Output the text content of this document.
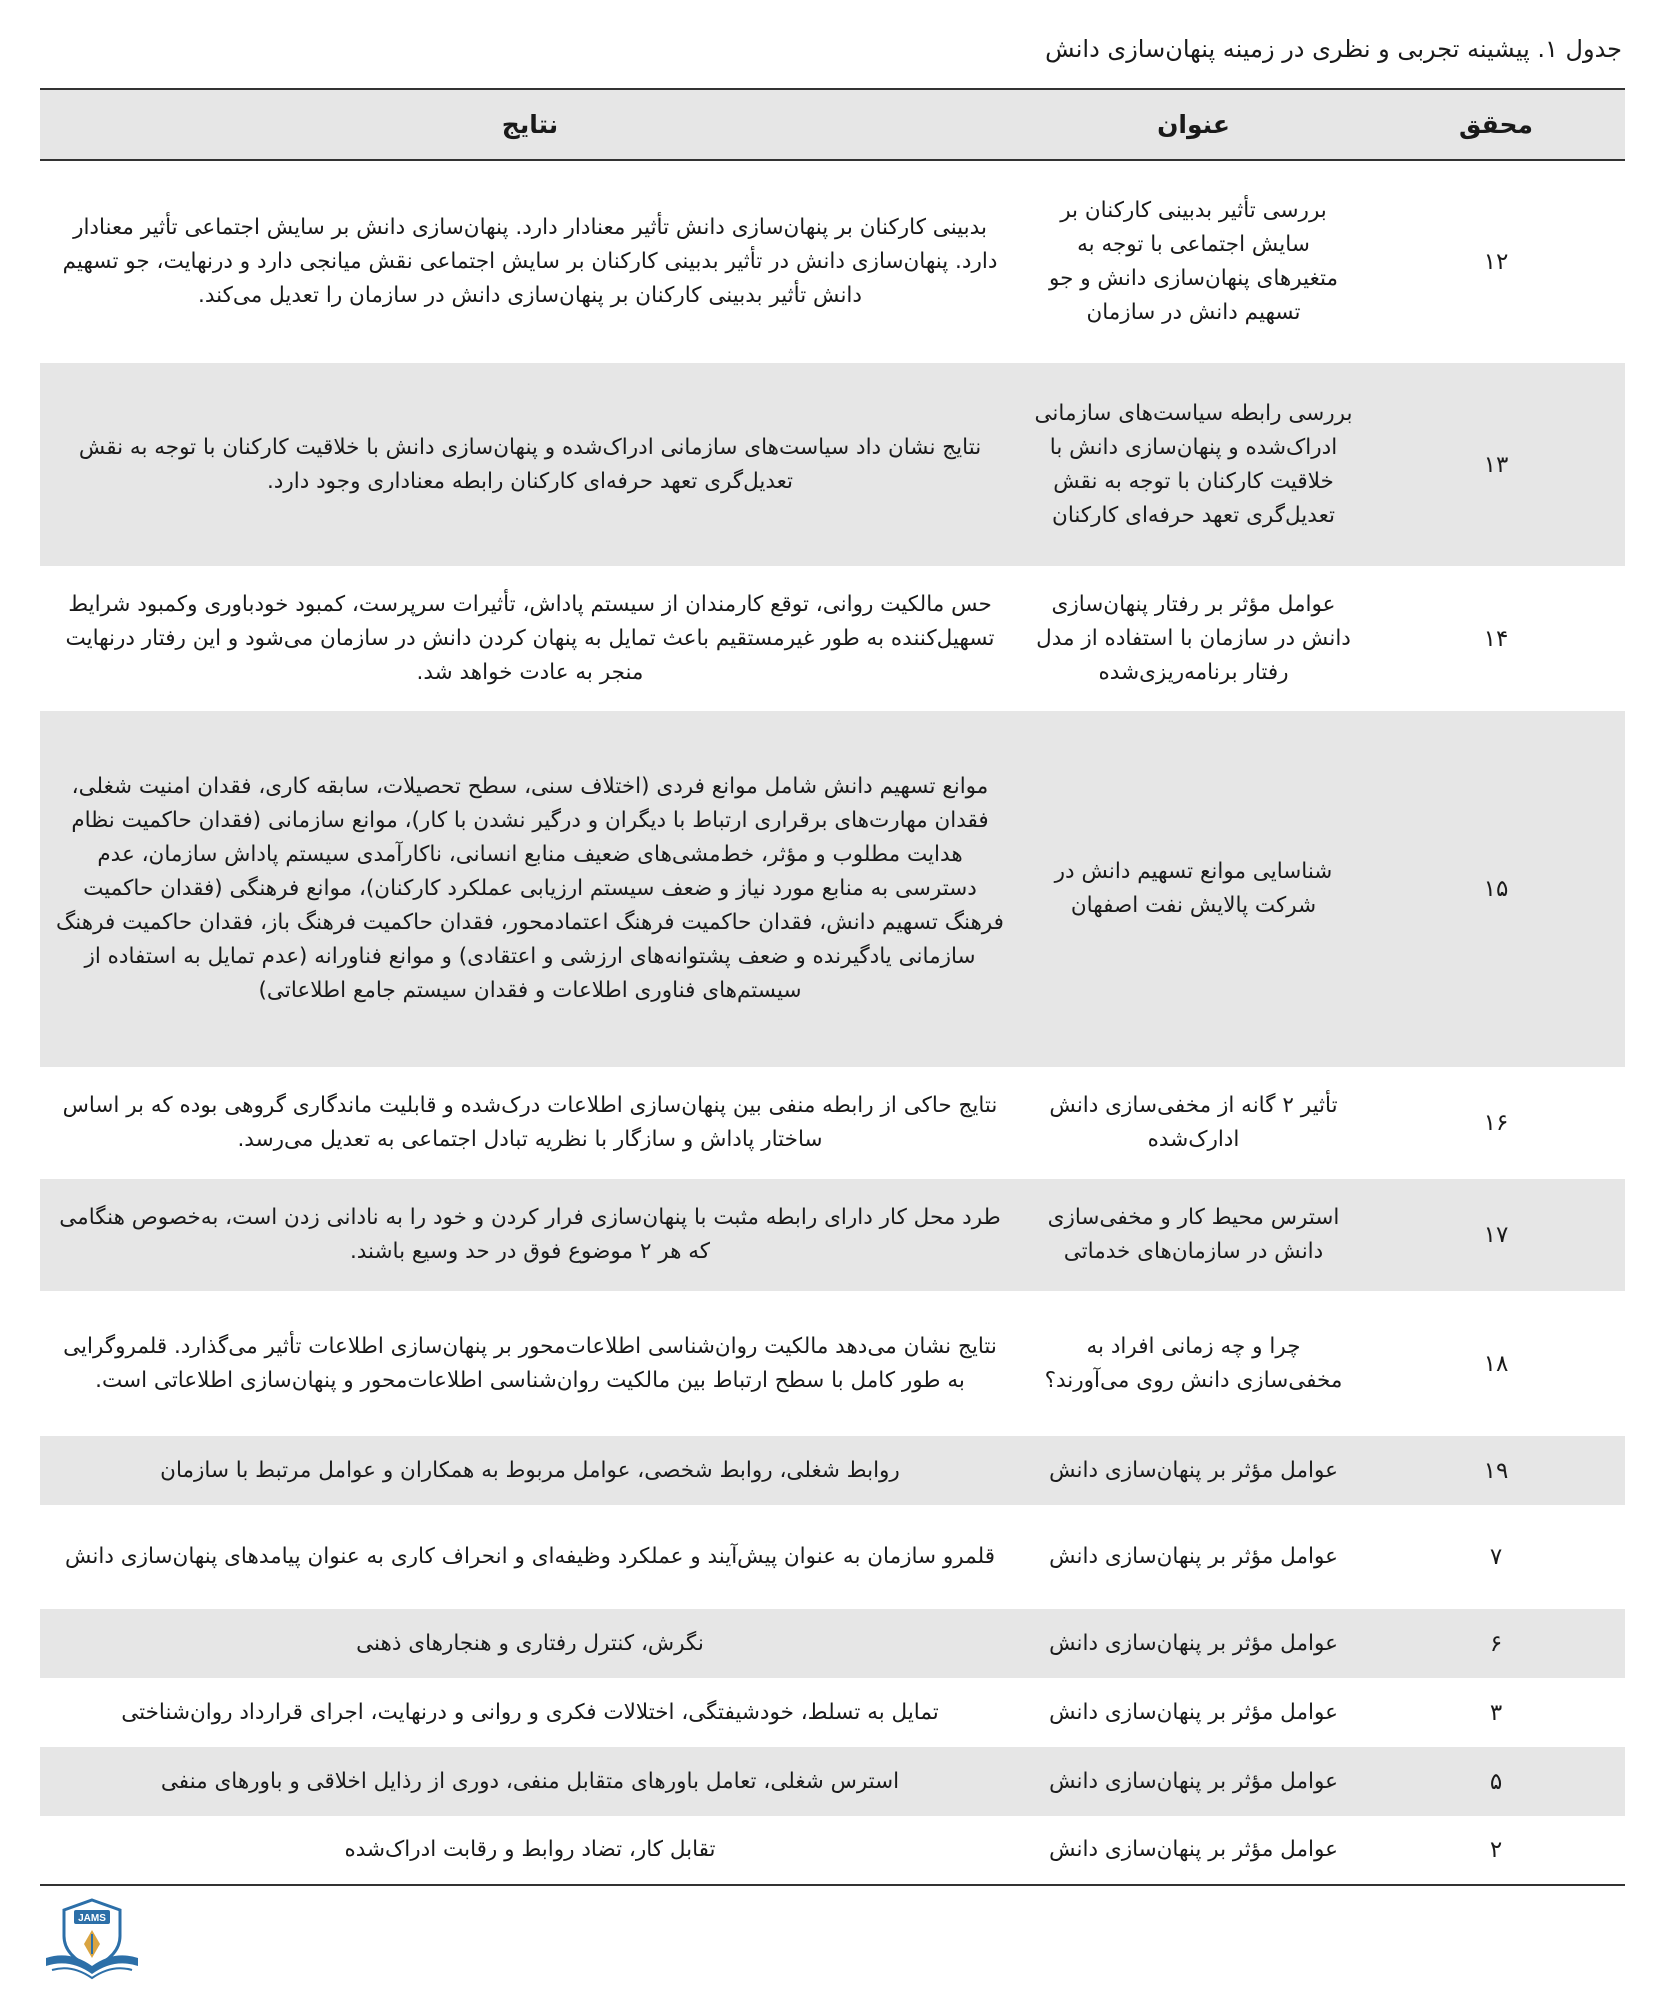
جدول ۱. پیشینه تجربی و نظری در زمینه پنهان‌سازی دانش
محقق	عنوان	نتایج
۱۲	بررسی تأثیر بدبینی کارکنان بر سایش اجتماعی با توجه به متغیرهای پنهان‌سازی دانش و جو تسهیم دانش در سازمان	بدبینی کارکنان بر پنهان‌سازی دانش تأثیر معنادار دارد. پنهان‌سازی دانش بر سایش اجتماعی تأثیر معنادار دارد. پنهان‌سازی دانش در تأثیر بدبینی کارکنان بر سایش اجتماعی نقش میانجی دارد و درنهایت، جو تسهیم دانش تأثیر بدبینی کارکنان بر پنهان‌سازی دانش در سازمان را تعدیل می‌کند.
۱۳	بررسی رابطه سیاست‌های سازمانی ادراک‌شده و پنهان‌سازی دانش با خلاقیت کارکنان با توجه به نقش تعدیل‌گری تعهد حرفه‌ای کارکنان	نتایج نشان داد سیاست‌های سازمانی ادراک‌شده و پنهان‌سازی دانش با خلاقیت کارکنان با توجه به نقش تعدیل‌گری تعهد حرفه‌ای کارکنان رابطه معناداری وجود دارد.
۱۴	عوامل مؤثر بر رفتار پنهان‌سازی دانش در سازمان با استفاده از مدل رفتار برنامه‌ریزی‌شده	حس مالکیت روانی، توقع کارمندان از سیستم پاداش، تأثیرات سرپرست، کمبود خودباوری وکمبود شرایط تسهیل‌کننده به طور غیرمستقیم باعث تمایل به پنهان کردن دانش در سازمان می‌شود و این رفتار درنهایت منجر به عادت خواهد شد.
۱۵	شناسایی موانع تسهیم دانش در شرکت پالایش نفت اصفهان	موانع تسهیم دانش شامل موانع فردی (اختلاف سنی، سطح تحصیلات، سابقه کاری، فقدان امنیت شغلی، فقدان مهارت‌های برقراری ارتباط با دیگران و درگیر نشدن با کار)، موانع سازمانی (فقدان حاکمیت نظام هدایت مطلوب و مؤثر، خط‌مشی‌های ضعیف منابع انسانی، ناکارآمدی سیستم پاداش سازمان، عدم دسترسی به منابع مورد نیاز و ضعف سیستم ارزیابی عملکرد کارکنان)، موانع فرهنگی (فقدان حاکمیت فرهنگ تسهیم دانش، فقدان حاکمیت فرهنگ اعتمادمحور، فقدان حاکمیت فرهنگ باز، فقدان حاکمیت فرهنگ سازمانی یادگیرنده و ضعف پشتوانه‌های ارزشی و اعتقادی) و موانع فناورانه (عدم تمایل به استفاده از سیستم‌های فناوری اطلاعات و فقدان سیستم جامع اطلاعاتی)
۱۶	تأثیر ۲ گانه از مخفی‌سازی دانش ادارک‌شده	نتایج حاکی از رابطه منفی بین پنهان‌سازی اطلاعات درک‌شده و قابلیت ماندگاری گروهی بوده که بر اساس ساختار پاداش و سازگار با نظریه تبادل اجتماعی به تعدیل می‌رسد.
۱۷	استرس محیط کار و مخفی‌سازی دانش در سازمان‌های خدماتی	طرد محل کار دارای رابطه مثبت با پنهان‌سازی فرار کردن و خود را به نادانی زدن است، به‌خصوص هنگامی که هر ۲ موضوع فوق در حد وسیع باشند.
۱۸	چرا و چه زمانی افراد به مخفی‌سازی دانش روی می‌آورند؟	نتایج نشان می‌دهد مالکیت روان‌شناسی اطلاعات‌محور بر پنهان‌سازی اطلاعات تأثیر می‌گذارد. قلمروگرایی به طور کامل با سطح ارتباط بین مالکیت روان‌شناسی اطلاعات‌محور و پنهان‌سازی اطلاعاتی است.
۱۹	عوامل مؤثر بر پنهان‌سازی دانش	روابط شغلی، روابط شخصی، عوامل مربوط به همکاران و عوامل مرتبط با سازمان
۷	عوامل مؤثر بر پنهان‌سازی دانش	قلمرو سازمان به عنوان پیش‌آیند و عملکرد وظیفه‌ای و انحراف کاری به عنوان پیامدهای پنهان‌سازی دانش
۶	عوامل مؤثر بر پنهان‌سازی دانش	نگرش، کنترل رفتاری و هنجارهای ذهنی
۳	عوامل مؤثر بر پنهان‌سازی دانش	تمایل به تسلط، خودشیفتگی، اختلالات فکری و روانی و درنهایت، اجرای قرارداد روان‌شناختی
۵	عوامل مؤثر بر پنهان‌سازی دانش	استرس شغلی، تعامل باورهای متقابل منفی، دوری از رذایل اخلاقی و باورهای منفی
۲	عوامل مؤثر بر پنهان‌سازی دانش	تقابل کار، تضاد روابط و رقابت ادراک‌شده
JAMS
